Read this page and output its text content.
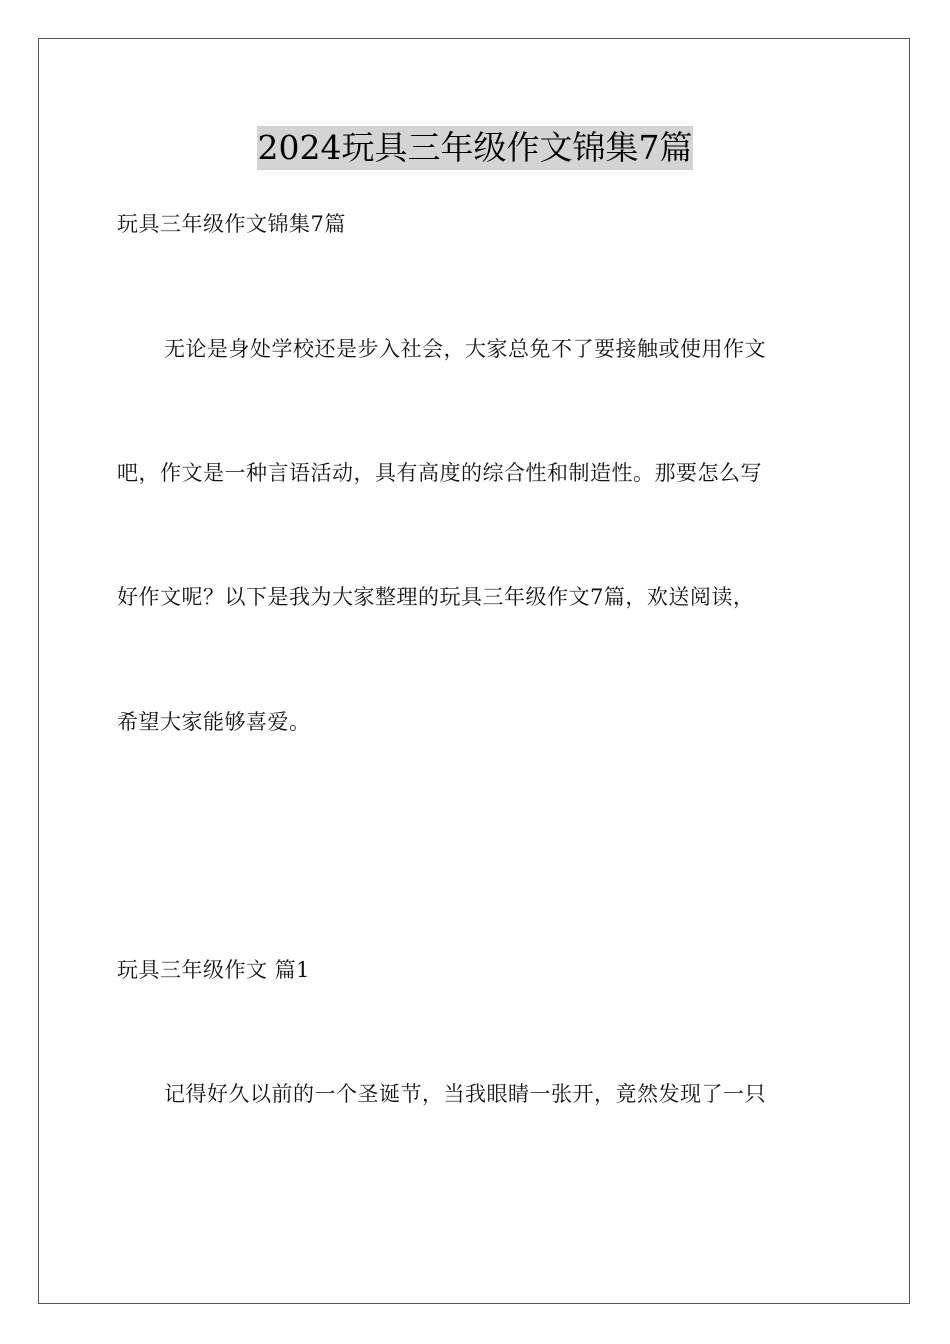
2024玩具三年级作文锦集7篇
玩具三年级作文锦集7篇
无论是身处学校还是步入社会，大家总免不了要接触或使用作文
吧，作文是一种言语活动，具有高度的综合性和制造性。那要怎么写
好作文呢？以下是我为大家整理的玩具三年级作文7篇，欢送阅读，
希望大家能够喜爱。
玩具三年级作文 篇1
记得好久以前的一个圣诞节，当我眼睛一张开，竟然发现了一只
